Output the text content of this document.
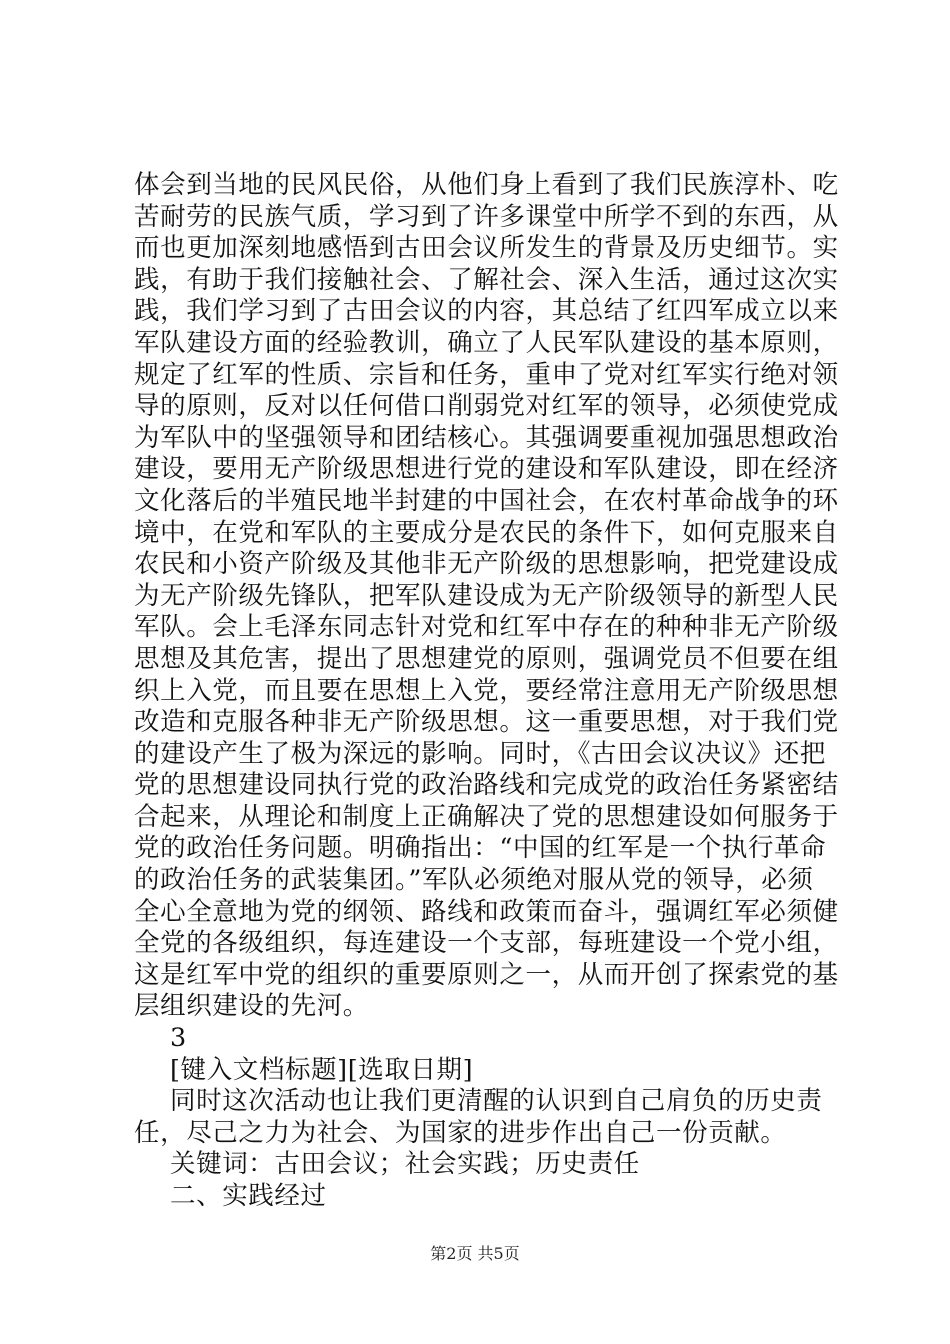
体会到当地的民风民俗，从他们身上看到了我们民族淳朴、吃
苦耐劳的民族气质，学习到了许多课堂中所学不到的东西，从
而也更加深刻地感悟到古田会议所发生的背景及历史细节。实
践，有助于我们接触社会、了解社会、深入生活，通过这次实
践，我们学习到了古田会议的内容，其总结了红四军成立以来
军队建设方面的经验教训，确立了人民军队建设的基本原则，
规定了红军的性质、宗旨和任务，重申了党对红军实行绝对领
导的原则，反对以任何借口削弱党对红军的领导，必须使党成
为军队中的坚强领导和团结核心。其强调要重视加强思想政治
建设，要用无产阶级思想进行党的建设和军队建设，即在经济
文化落后的半殖民地半封建的中国社会，在农村革命战争的环
境中，在党和军队的主要成分是农民的条件下，如何克服来自
农民和小资产阶级及其他非无产阶级的思想影响，把党建设成
为无产阶级先锋队，把军队建设成为无产阶级领导的新型人民
军队。会上毛泽东同志针对党和红军中存在的种种非无产阶级
思想及其危害，提出了思想建党的原则，强调党员不但要在组
织上入党，而且要在思想上入党，要经常注意用无产阶级思想
改造和克服各种非无产阶级思想。这一重要思想，对于我们党
的建设产生了极为深远的影响。同时，《古田会议决议》还把
党的思想建设同执行党的政治路线和完成党的政治任务紧密结
合起来，从理论和制度上正确解决了党的思想建设如何服务于
党的政治任务问题。明确指出：“中国的红军是一个执行革命
的政治任务的武装集团。”军队必须绝对服从党的领导，必须
全心全意地为党的纲领、路线和政策而奋斗，强调红军必须健
全党的各级组织，每连建设一个支部，每班建设一个党小组，
这是红军中党的组织的重要原则之一，从而开创了探索党的基
层组织建设的先河。
3
[键入文档标题][选取日期]
同时这次活动也让我们更清醒的认识到自己肩负的历史责
任，尽己之力为社会、为国家的进步作出自己一份贡献。
关键词：古田会议；社会实践；历史责任
二、实践经过
第2页 共5页
